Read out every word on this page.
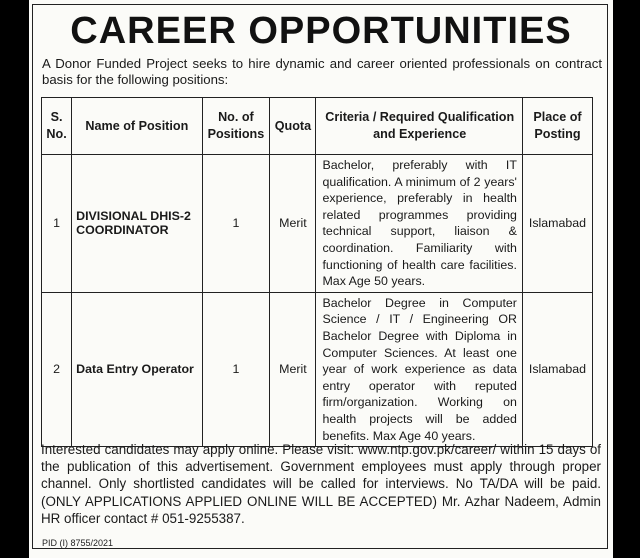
CAREER OPPORTUNITIES
A Donor Funded Project seeks to hire dynamic and career oriented professionals on contract basis for the following positions:
S. No.	Name of Position	No. of Positions	Quota	Criteria / Required Qualification and Experience	Place of Posting
1	DIVISIONAL DHIS-2 COORDINATOR	1	Merit	Bachelor, preferably with IT qualification. A minimum of 2 years' experience, preferably in health related programmes providing technical support, liaison & coordination. Familiarity with functioning of health care facilities. Max Age 50 years.	Islamabad
2	Data Entry Operator	1	Merit	Bachelor Degree in Computer Science / IT / Engineering OR Bachelor Degree with Diploma in Computer Sciences. At least one year of work experience as data entry operator with reputed firm/organization. Working on health projects will be added benefits. Max Age 40 years.	Islamabad
Interested candidates may apply online. Please visit: www.ntp.gov.pk/career/ within 15 days of the publication of this advertisement. Government employees must apply through proper channel. Only shortlisted candidates will be called for interviews. No TA/DA will be paid. (ONLY APPLICATIONS APPLIED ONLINE WILL BE ACCEPTED) Mr. Azhar Nadeem, Admin HR officer contact # 051-9255387.
PID (I) 8755/2021
